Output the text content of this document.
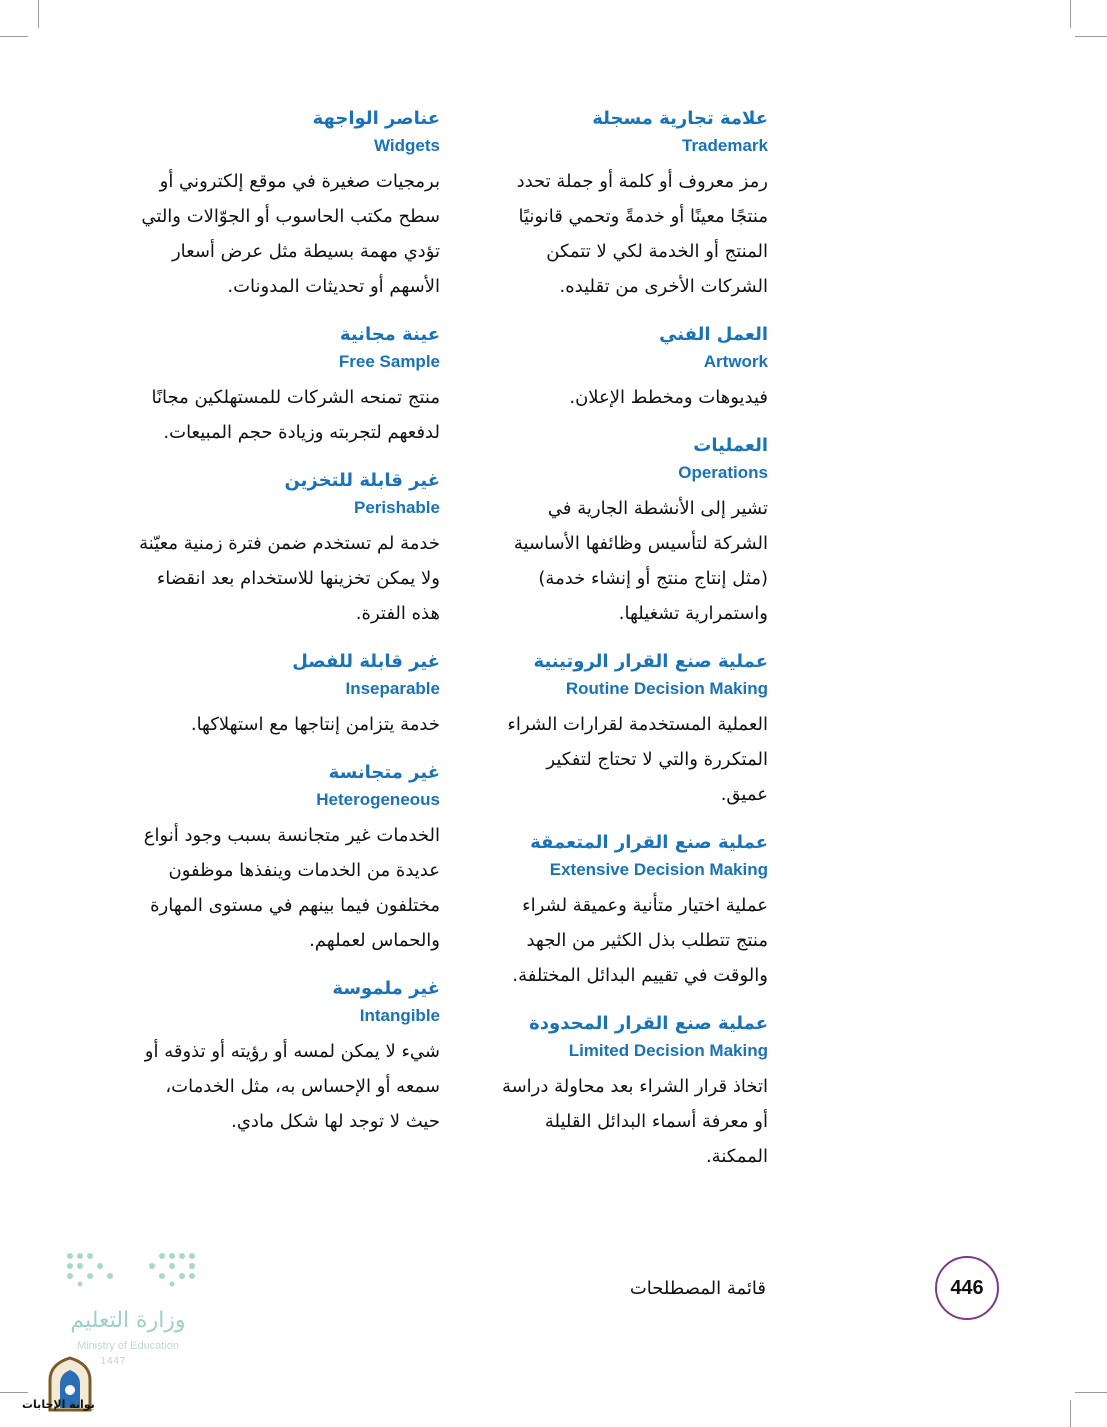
علامة تجارية مسجلة
Trademark
رمز معروف أو كلمة أو جملة تحدد منتجًا معينًا أو خدمةً وتحمي قانونيًا المنتج أو الخدمة لكي لا تتمكن الشركات الأخرى من تقليده.
العمل الفني
Artwork
فيديوهات ومخطط الإعلان.
العمليات
Operations
تشير إلى الأنشطة الجارية في الشركة لتأسيس وظائفها الأساسية (مثل إنتاج منتج أو إنشاء خدمة) واستمرارية تشغيلها.
عملية صنع القرار الروتينية
Routine Decision Making
العملية المستخدمة لقرارات الشراء المتكررة والتي لا تحتاج لتفكير عميق.
عملية صنع القرار المتعمقة
Extensive Decision Making
عملية اختيار متأنية وعميقة لشراء منتج تتطلب بذل الكثير من الجهد والوقت في تقييم البدائل المختلفة.
عملية صنع القرار المحدودة
Limited Decision Making
اتخاذ قرار الشراء بعد محاولة دراسة أو معرفة أسماء البدائل القليلة الممكنة.
عناصر الواجهة
Widgets
برمجيات صغيرة في موقع إلكتروني أو سطح مكتب الحاسوب أو الجوّالات والتي تؤدي مهمة بسيطة مثل عرض أسعار الأسهم أو تحديثات المدونات.
عينة مجانية
Free Sample
منتج تمنحه الشركات للمستهلكين مجانًا لدفعهم لتجربته وزيادة حجم المبيعات.
غير قابلة للتخزين
Perishable
خدمة لم تستخدم ضمن فترة زمنية معيّنة ولا يمكن تخزينها للاستخدام بعد انقضاء هذه الفترة.
غير قابلة للفصل
Inseparable
خدمة يتزامن إنتاجها مع استهلاكها.
غير متجانسة
Heterogeneous
الخدمات غير متجانسة بسبب وجود أنواع عديدة من الخدمات وينفذها موظفون مختلفون فيما بينهم في مستوى المهارة والحماس لعملهم.
غير ملموسة
Intangible
شيء لا يمكن لمسه أو رؤيته أو تذوقه أو سمعه أو الإحساس به، مثل الخدمات، حيث لا توجد لها شكل مادي.
446
قائمة المصطلحات
وزارة التعليم
Ministry of Education
1447
بوابة الإجابات
